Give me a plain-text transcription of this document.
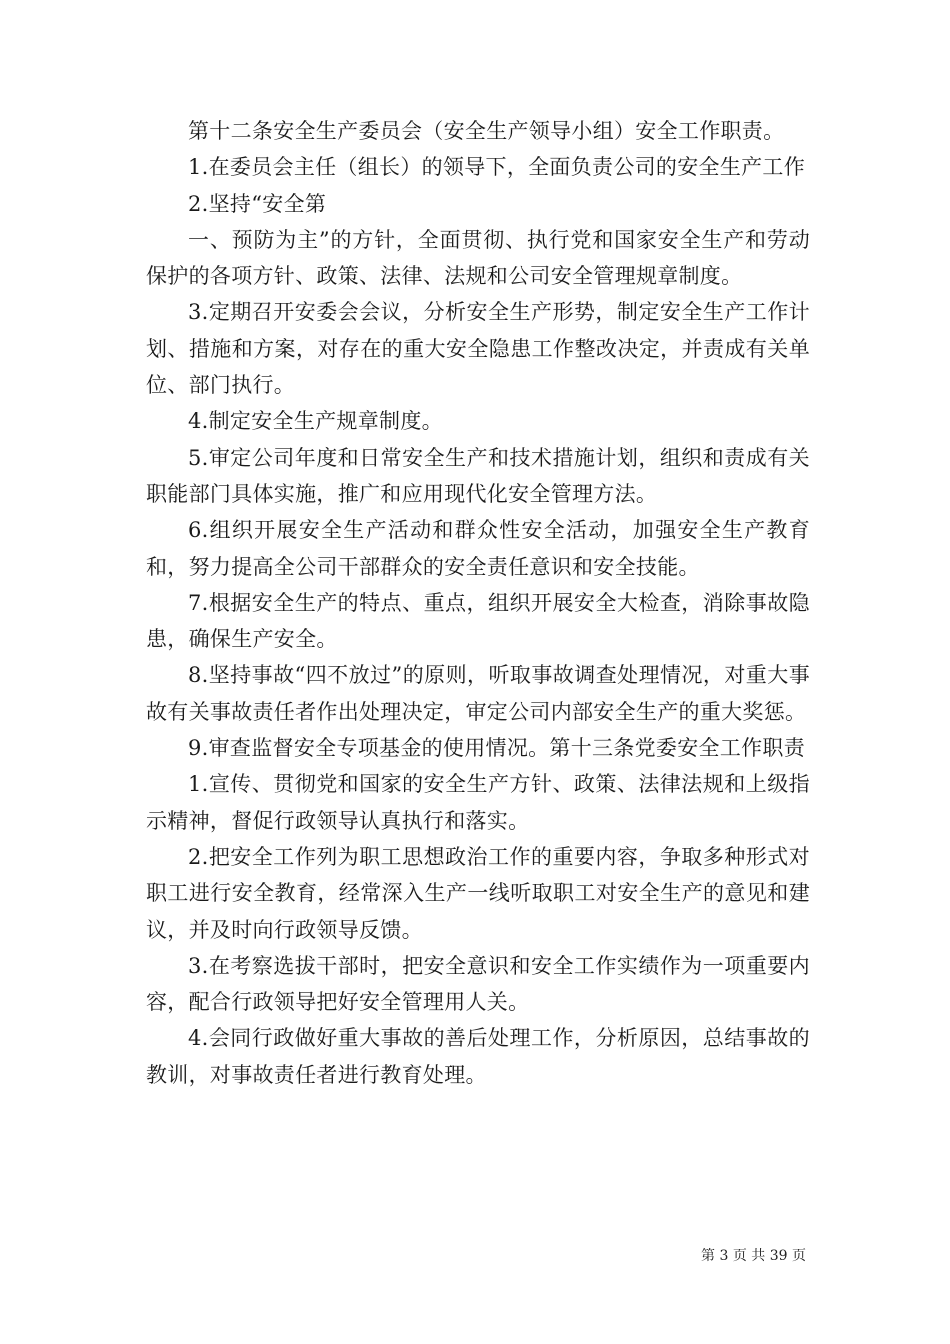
第十二条安全生产委员会（安全生产领导小组）安全工作职责。

1.在委员会主任（组长）的领导下，全面负责公司的安全生产工作

2.坚持“安全第

一、预防为主”的方针，全面贯彻、执行党和国家安全生产和劳动保护的各项方针、政策、法律、法规和公司安全管理规章制度。

3.定期召开安委会会议，分析安全生产形势，制定安全生产工作计划、措施和方案，对存在的重大安全隐患工作整改决定，并责成有关单位、部门执行。

4.制定安全生产规章制度。

5.审定公司年度和日常安全生产和技术措施计划，组织和责成有关职能部门具体实施，推广和应用现代化安全管理方法。

6.组织开展安全生产活动和群众性安全活动，加强安全生产教育和，努力提高全公司干部群众的安全责任意识和安全技能。

7.根据安全生产的特点、重点，组织开展安全大检查，消除事故隐患，确保生产安全。

8.坚持事故“四不放过”的原则，听取事故调查处理情况，对重大事故有关事故责任者作出处理决定，审定公司内部安全生产的重大奖惩。

9.审查监督安全专项基金的使用情况。第十三条党委安全工作职责

1.宣传、贯彻党和国家的安全生产方针、政策、法律法规和上级指示精神，督促行政领导认真执行和落实。

2.把安全工作列为职工思想政治工作的重要内容，争取多种形式对职工进行安全教育，经常深入生产一线听取职工对安全生产的意见和建议，并及时向行政领导反馈。

3.在考察选拔干部时，把安全意识和安全工作实绩作为一项重要内容，配合行政领导把好安全管理用人关。

4.会同行政做好重大事故的善后处理工作，分析原因，总结事故的教训，对事故责任者进行教育处理。

第 3 页 共 39 页
